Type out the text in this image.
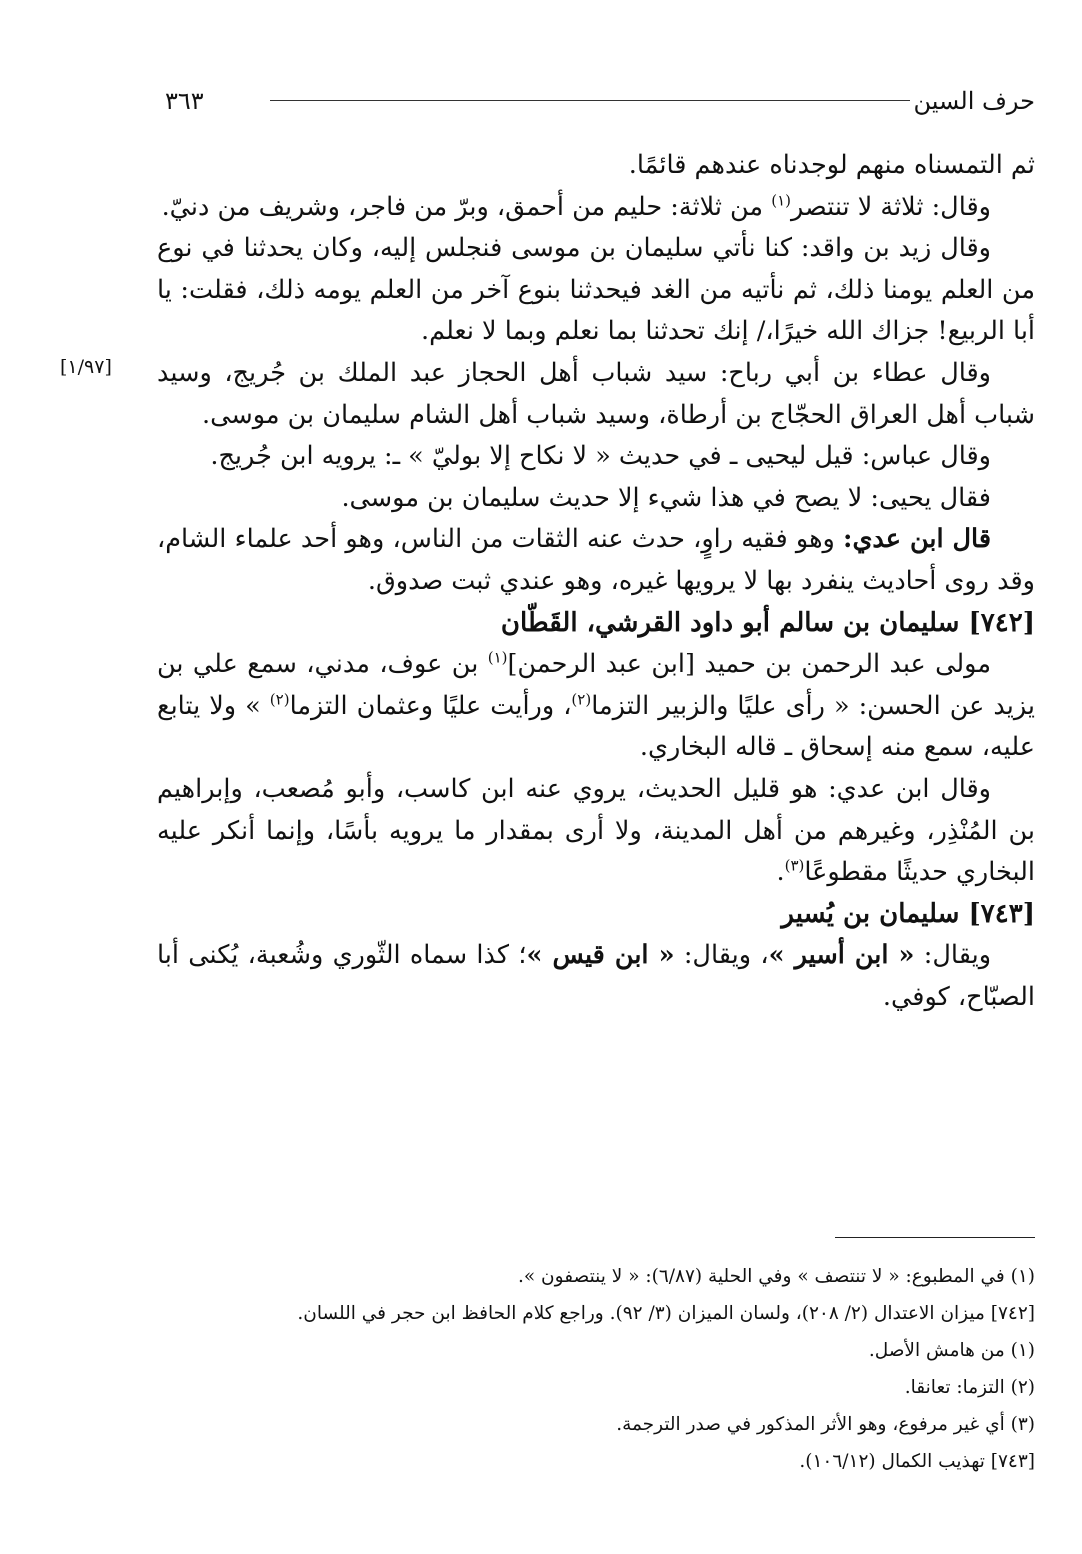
حرف السين
٣٦٣
[١/٩٧]

ثم التمسناه منهم لوجدناه عندهم قائمًا.

وقال: ثلاثة لا تنتصر$^{(١)}$ من ثلاثة: حليم من أحمق، وبرّ من فاجر، وشريف من دنيّ.

وقال زيد بن واقد: كنا نأتي سليمان بن موسى فنجلس إليه، وكان يحدثنا في نوع من العلم يومنا ذلك، ثم نأتيه من الغد فيحدثنا بنوع آخر من العلم يومه ذلك، فقلت: يا أبا الربيع! جزاك الله خيرًا،/ إنك تحدثنا بما نعلم وبما لا نعلم.

وقال عطاء بن أبي رباح: سيد شباب أهل الحجاز عبد الملك بن جُريج، وسيد شباب أهل العراق الحجّاج بن أرطاة، وسيد شباب أهل الشام سليمان بن موسى.

وقال عباس: قيل ليحيى ـ في حديث « لا نكاح إلا بوليّ » ـ: يرويه ابن جُريج.

فقال يحيى: لا يصح في هذا شيء إلا حديث سليمان بن موسى.

قال ابن عدي: وهو فقيه راوٍ، حدث عنه الثقات من الناس، وهو أحد علماء الشام، وقد روى أحاديث ينفرد بها لا يرويها غيره، وهو عندي ثبت صدوق.

[٧٤٢] سليمان بن سالم أبو داود القرشي، القَطّان

مولى عبد الرحمن بن حميد [ابن عبد الرحمن]$^{(١)}$ بن عوف، مدني، سمع علي بن يزيد عن الحسن: « رأى عليًا والزبير التزما$^{(٢)}$، ورأيت عليًا وعثمان التزما$^{(٢)}$ » ولا يتابع عليه، سمع منه إسحاق ـ قاله البخاري.

وقال ابن عدي: هو قليل الحديث، يروي عنه ابن كاسب، وأبو مُصعب، وإبراهيم بن المُنْذِر، وغيرهم من أهل المدينة، ولا أرى بمقدار ما يرويه بأسًا، وإنما أنكر عليه البخاري حديثًا مقطوعًا$^{(٣)}$.

[٧٤٣] سليمان بن يُسير

ويقال: « ابن أسير »، ويقال: « ابن قيس »؛ كذا سماه الثّوري وشُعبة، يُكنى أبا الصبّاح، كوفي.

(١) في المطبوع: « لا تنتصف » وفي الحلية (٦/٨٧): « لا ينتصفون ».

[٧٤٢] ميزان الاعتدال (٢/ ٢٠٨)، ولسان الميزان (٣/ ٩٢). وراجع كلام الحافظ ابن حجر في اللسان.

(١) من هامش الأصل.

(٢) التزما: تعانقا.

(٣) أي غير مرفوع، وهو الأثر المذكور في صدر الترجمة.

[٧٤٣] تهذيب الكمال (١٠٦/١٢).
